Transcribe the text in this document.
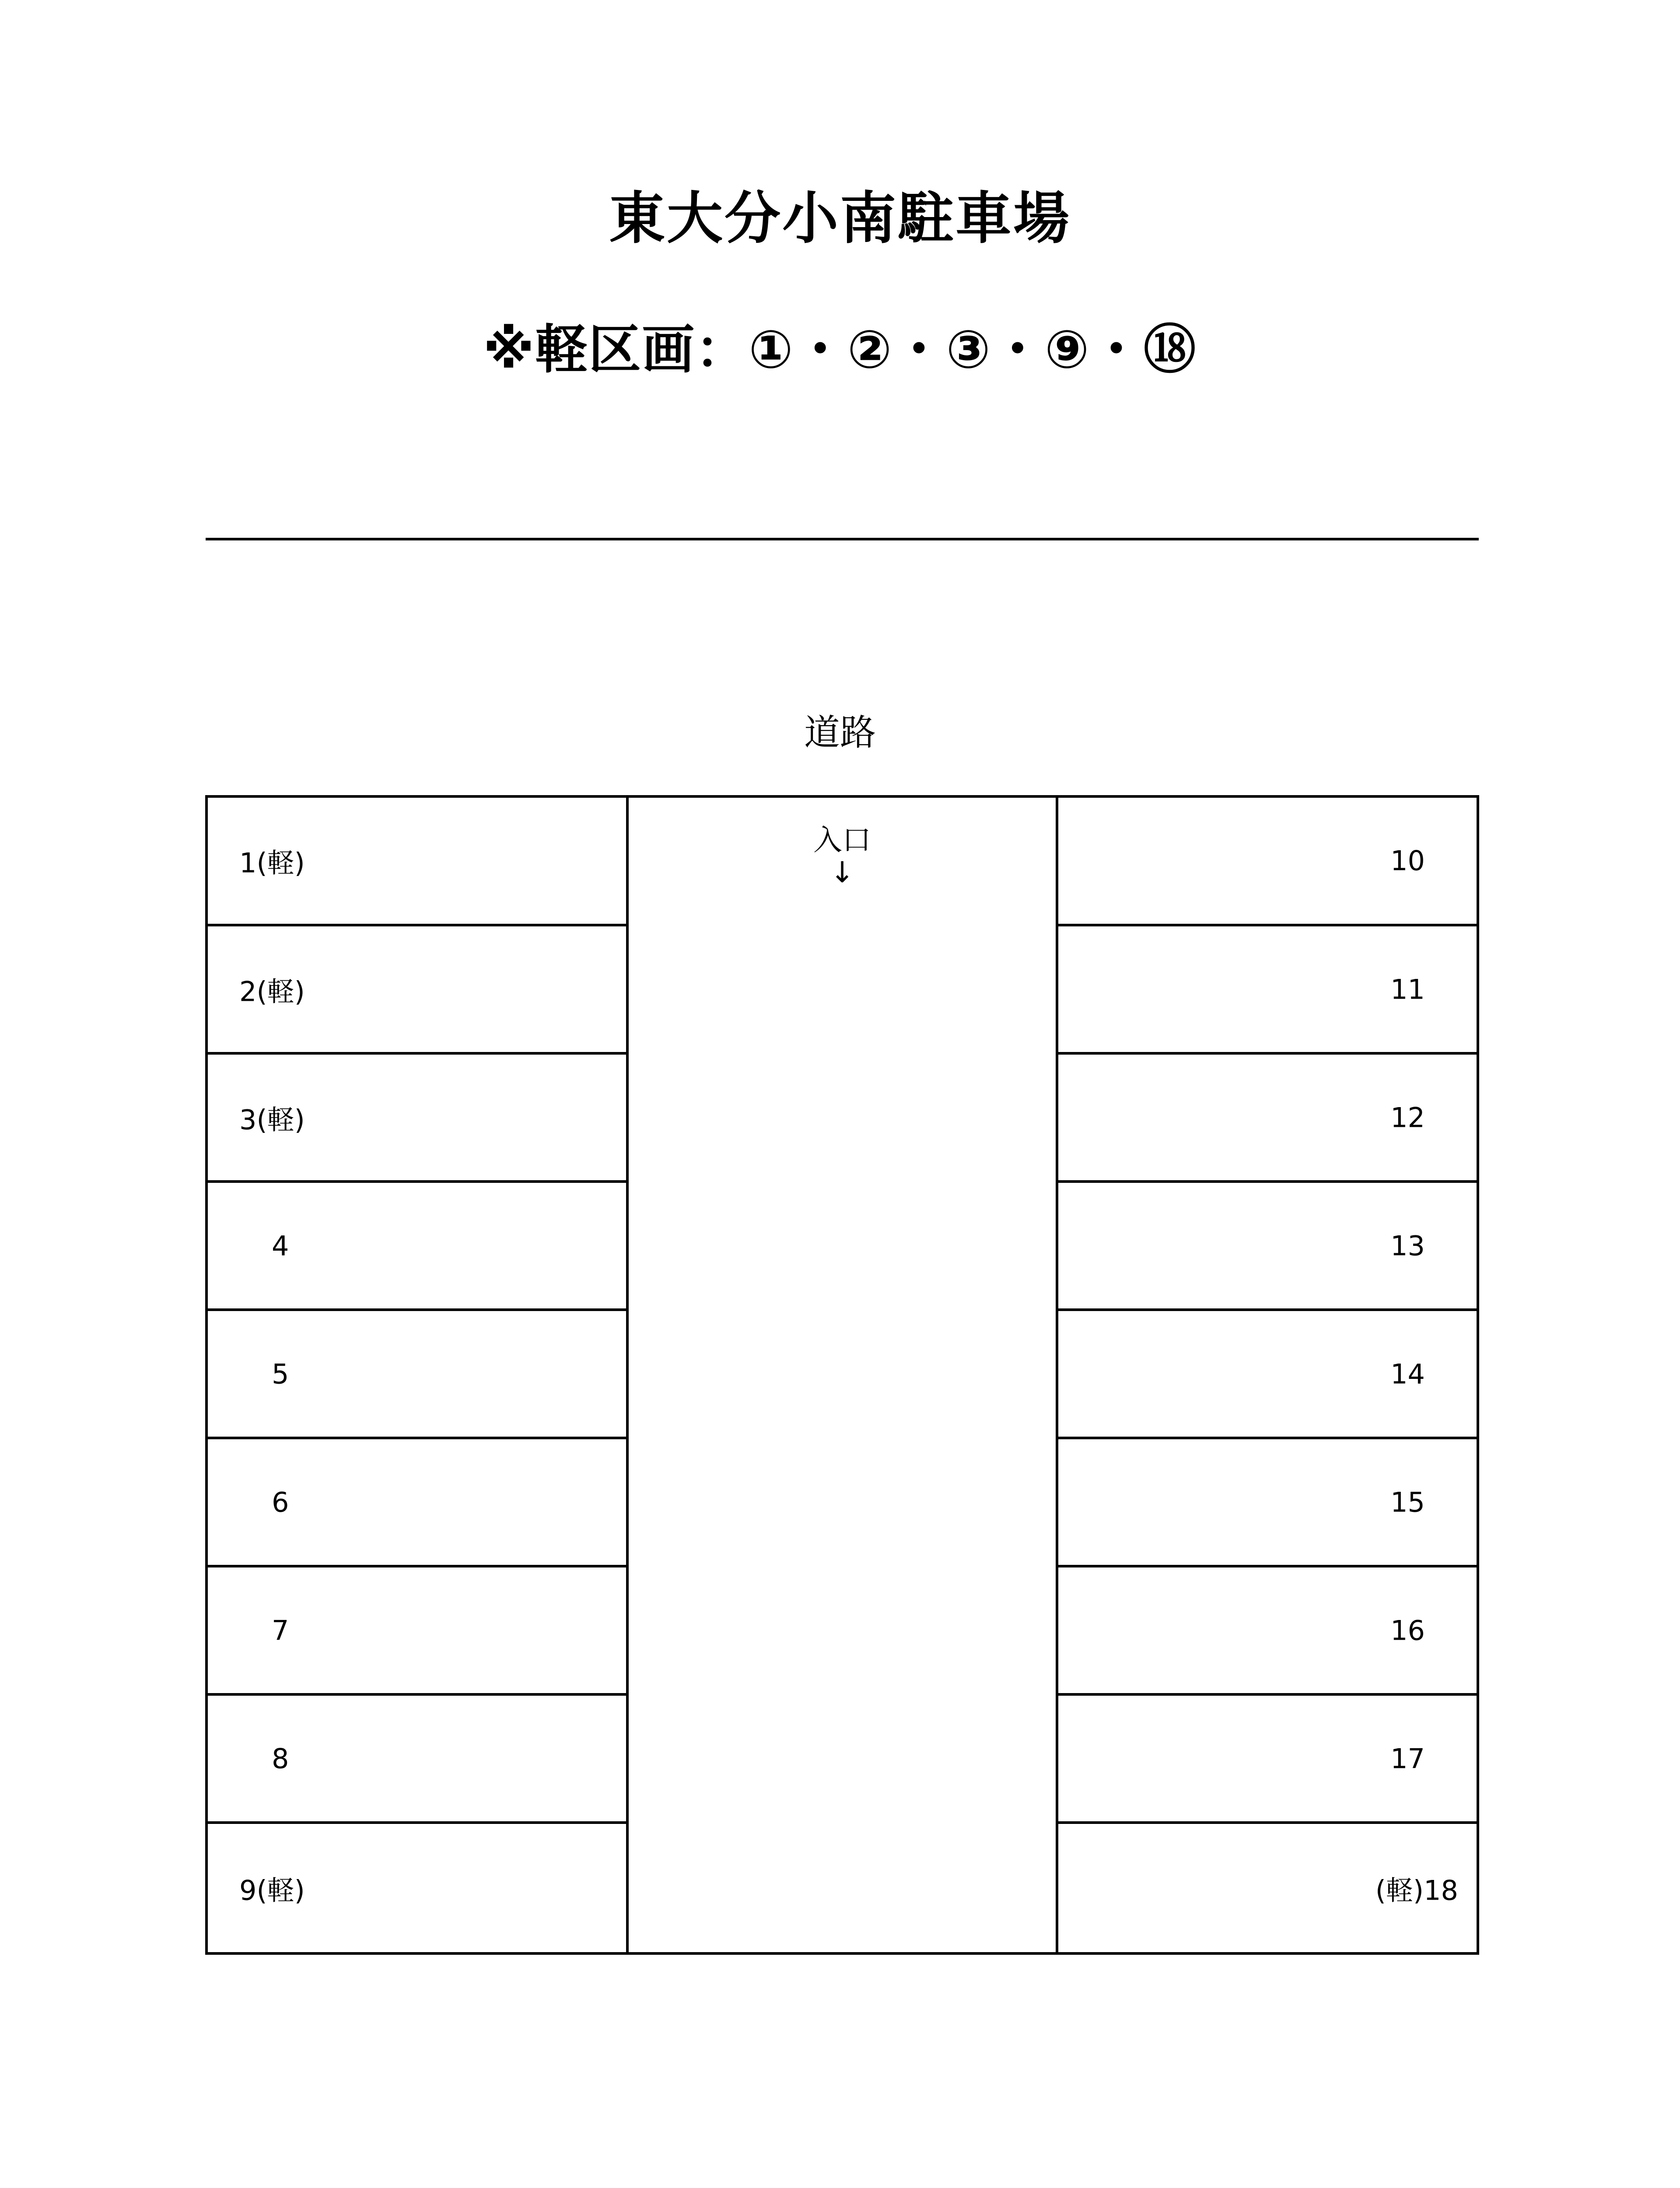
東大分小南駐車場
※軽区画：①・②・③・⑨・⑱
道路
1(軽)
2(軽)
3(軽)
4
5
6
7
8
9(軽)
入口
↓	10
11
12
13
14
15
16
17
(軽)18
